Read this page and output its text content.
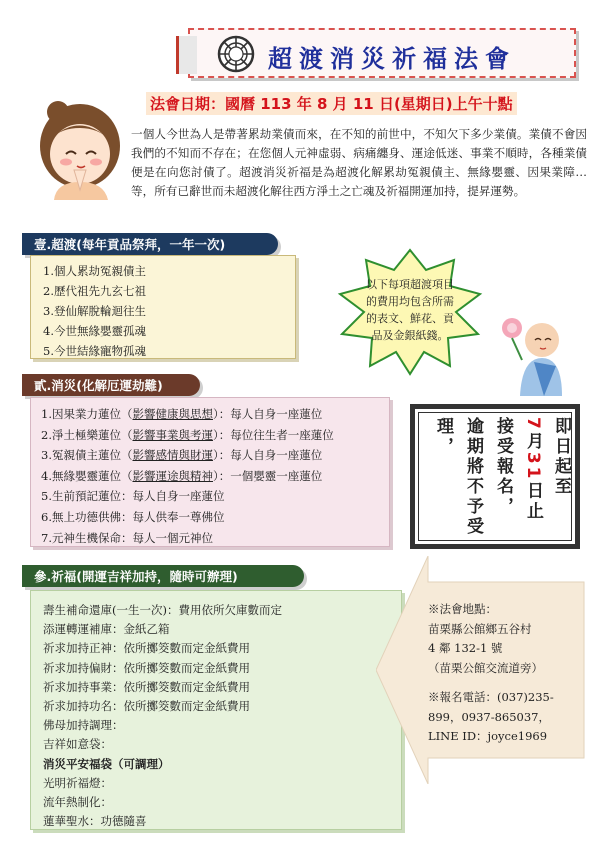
超渡消災祈福法會
法會日期：國曆 113 年 8 月 11 日(星期日)上午十點
一個人今世為人是帶著累劫業債而來，在不知的前世中，不知欠下多少業債。業債不會因我們的不知而不存在；在您個人元神虛弱、病痛纏身、運途低迷、事業不順時，各種業債便是在向您討債了。超渡消災祈福是為超渡化解累劫冤親債主、無緣嬰靈、因果業障…等，所有已辭世而未超渡化解往西方淨土之亡魂及祈福開運加持，提昇運勢。
壹.超渡(每年貢品祭拜，一年一次)
1.個人累劫冤親債主
2.歷代祖先九玄七祖
3.登仙解脫輪迴往生
4.今世無緣嬰靈孤魂
5.今世結緣寵物孤魂
以下每項超渡項目的費用均包含所需的表文、鮮花、貢品及金銀紙錢。
貳.消災(化解厄運劫難)
1.因果業力蓮位（影響健康與思想）：每人自身一座蓮位
2.淨土極樂蓮位（影響事業與考運）：每位往生者一座蓮位
3.冤親債主蓮位（影響感情與財運）：每人自身一座蓮位
4.無緣嬰靈蓮位（影響運途與精神）：一個嬰靈一座蓮位
5.生前預記蓮位：每人自身一座蓮位
6.無上功德供佛：每人供奉一尊佛位
7.元神生機保命：每人一個元神位
即日起至
7月31日止
接受報名，
逾期將不予受
理，
參.祈福(開運吉祥加持，隨時可辦理)
壽生補命還庫(一生一次)：費用依所欠庫數而定
添運轉運補庫：金紙乙箱
祈求加持正神：依所擲筊數而定金紙費用
祈求加持偏財：依所擲筊數而定金紙費用
祈求加持事業：依所擲筊數而定金紙費用
祈求加持功名：依所擲筊數而定金紙費用
佛母加持調理：
吉祥如意袋：
消災平安福袋（可調理）
光明祈福燈：
流年熱制化：
蓮華聖水：功德隨喜
※法會地點：
苗栗縣公館鄉五谷村
4 鄰 132-1 號
（苗栗公館交流道旁）
※報名電話：(037)235-
899，0937-865037，
LINE ID：joyce1969
